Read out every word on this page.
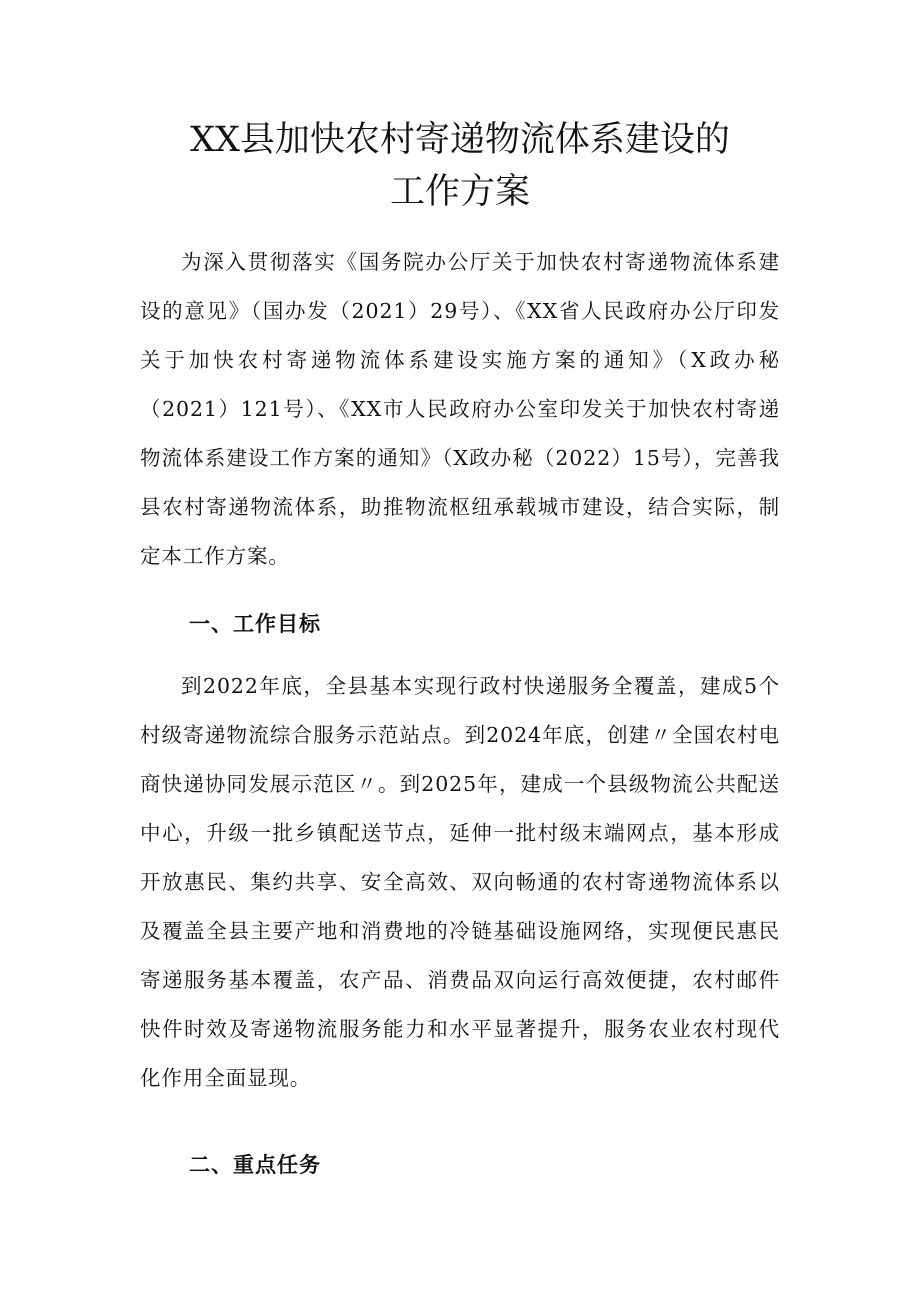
XX县加快农村寄递物流体系建设的
工作方案

为深入贯彻落实《国务院办公厅关于加快农村寄递物流体系建设的意见》（国办发（2021）29号）、《XX省人民政府办公厅印发关于加快农村寄递物流体系建设实施方案的通知》（X政办秘（2021）121号）、《XX市人民政府办公室印发关于加快农村寄递物流体系建设工作方案的通知》（X政办秘（2022）15号），完善我县农村寄递物流体系，助推物流枢纽承载城市建设，结合实际，制定本工作方案。

一、工作目标

到2022年底，全县基本实现行政村快递服务全覆盖，建成5个村级寄递物流综合服务示范站点。到2024年底，创建〃全国农村电商快递协同发展示范区〃。到2025年，建成一个县级物流公共配送中心，升级一批乡镇配送节点，延伸一批村级末端网点，基本形成开放惠民、集约共享、安全高效、双向畅通的农村寄递物流体系以及覆盖全县主要产地和消费地的冷链基础设施网络，实现便民惠民寄递服务基本覆盖，农产品、消费品双向运行高效便捷，农村邮件快件时效及寄递物流服务能力和水平显著提升，服务农业农村现代化作用全面显现。

二、重点任务
